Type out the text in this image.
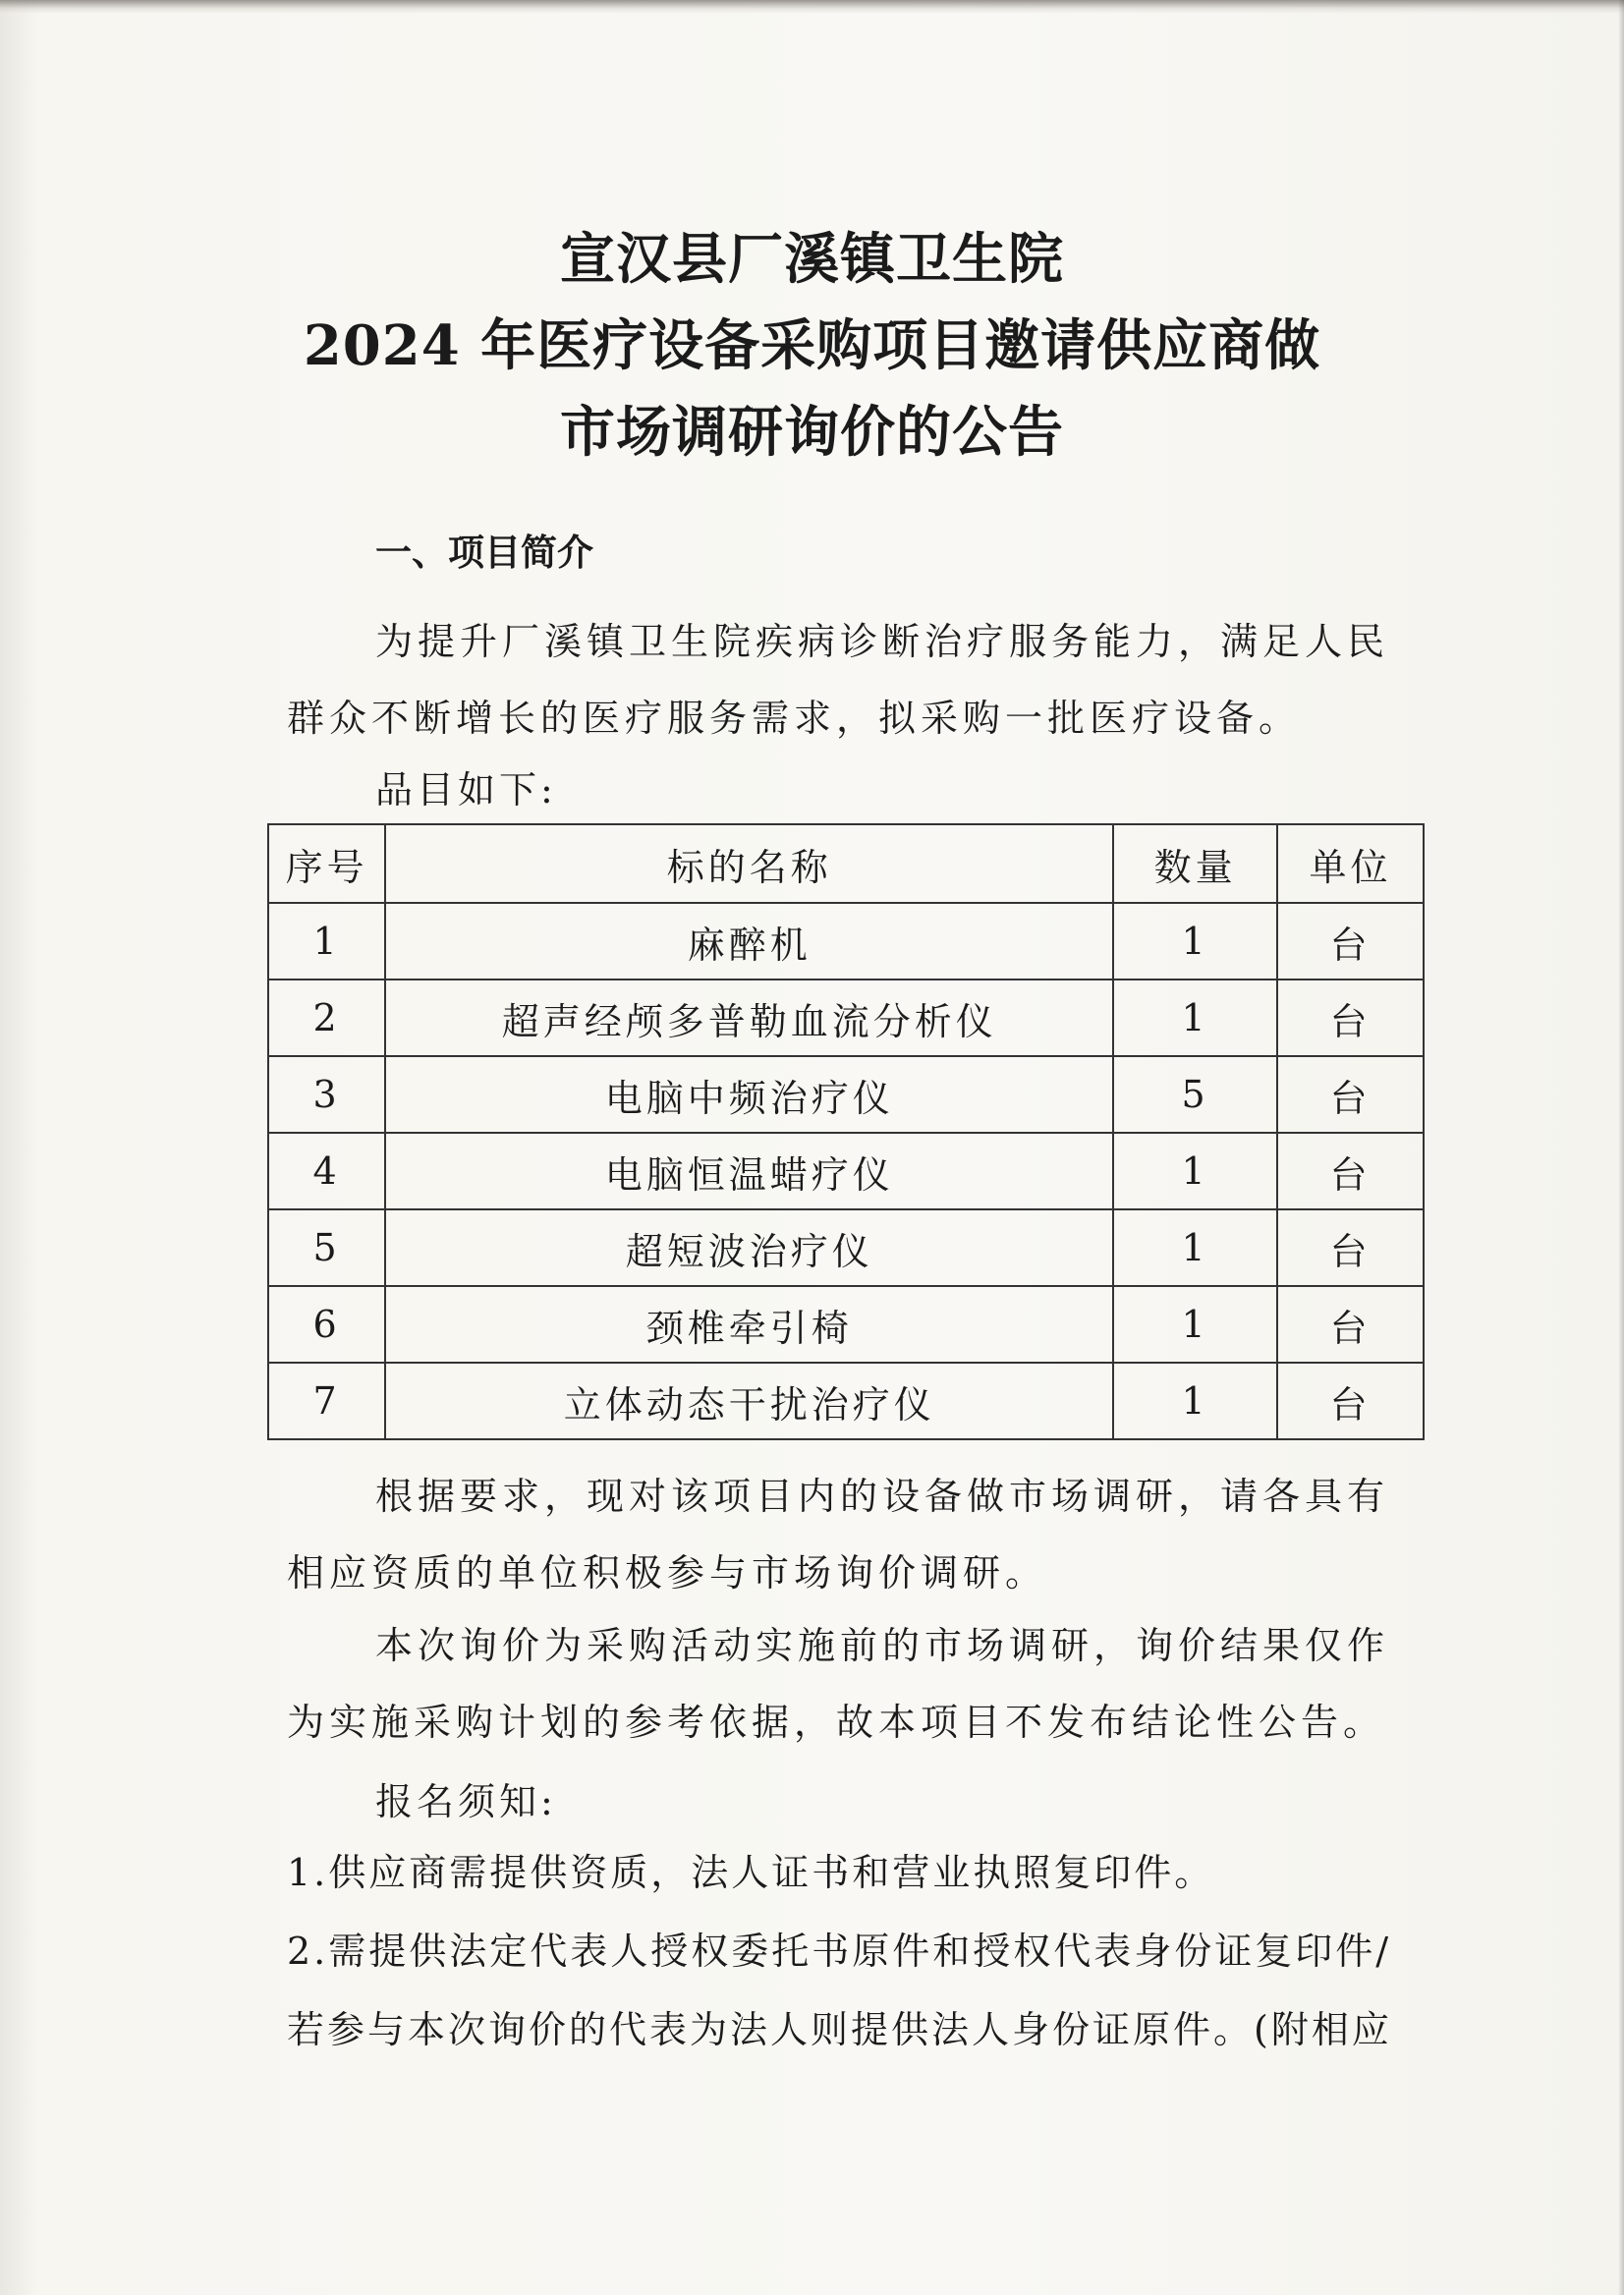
宣汉县厂溪镇卫生院
2024 年医疗设备采购项目邀请供应商做
市场调研询价的公告
一、项目简介
为提升厂溪镇卫生院疾病诊断治疗服务能力，满足人民群众不断增长的医疗服务需求，拟采购一批医疗设备。
品目如下:
序号	标的名称	数量	单位
1	麻醉机	1	台
2	超声经颅多普勒血流分析仪	1	台
3	电脑中频治疗仪	5	台
4	电脑恒温蜡疗仪	1	台
5	超短波治疗仪	1	台
6	颈椎牵引椅	1	台
7	立体动态干扰治疗仪	1	台
根据要求，现对该项目内的设备做市场调研，请各具有相应资质的单位积极参与市场询价调研。
本次询价为采购活动实施前的市场调研，询价结果仅作为实施采购计划的参考依据，故本项目不发布结论性公告。
报名须知:
1.供应商需提供资质，法人证书和营业执照复印件。
2.需提供法定代表人授权委托书原件和授权代表身份证复印件/若参与本次询价的代表为法人则提供法人身份证原件。(附相应
